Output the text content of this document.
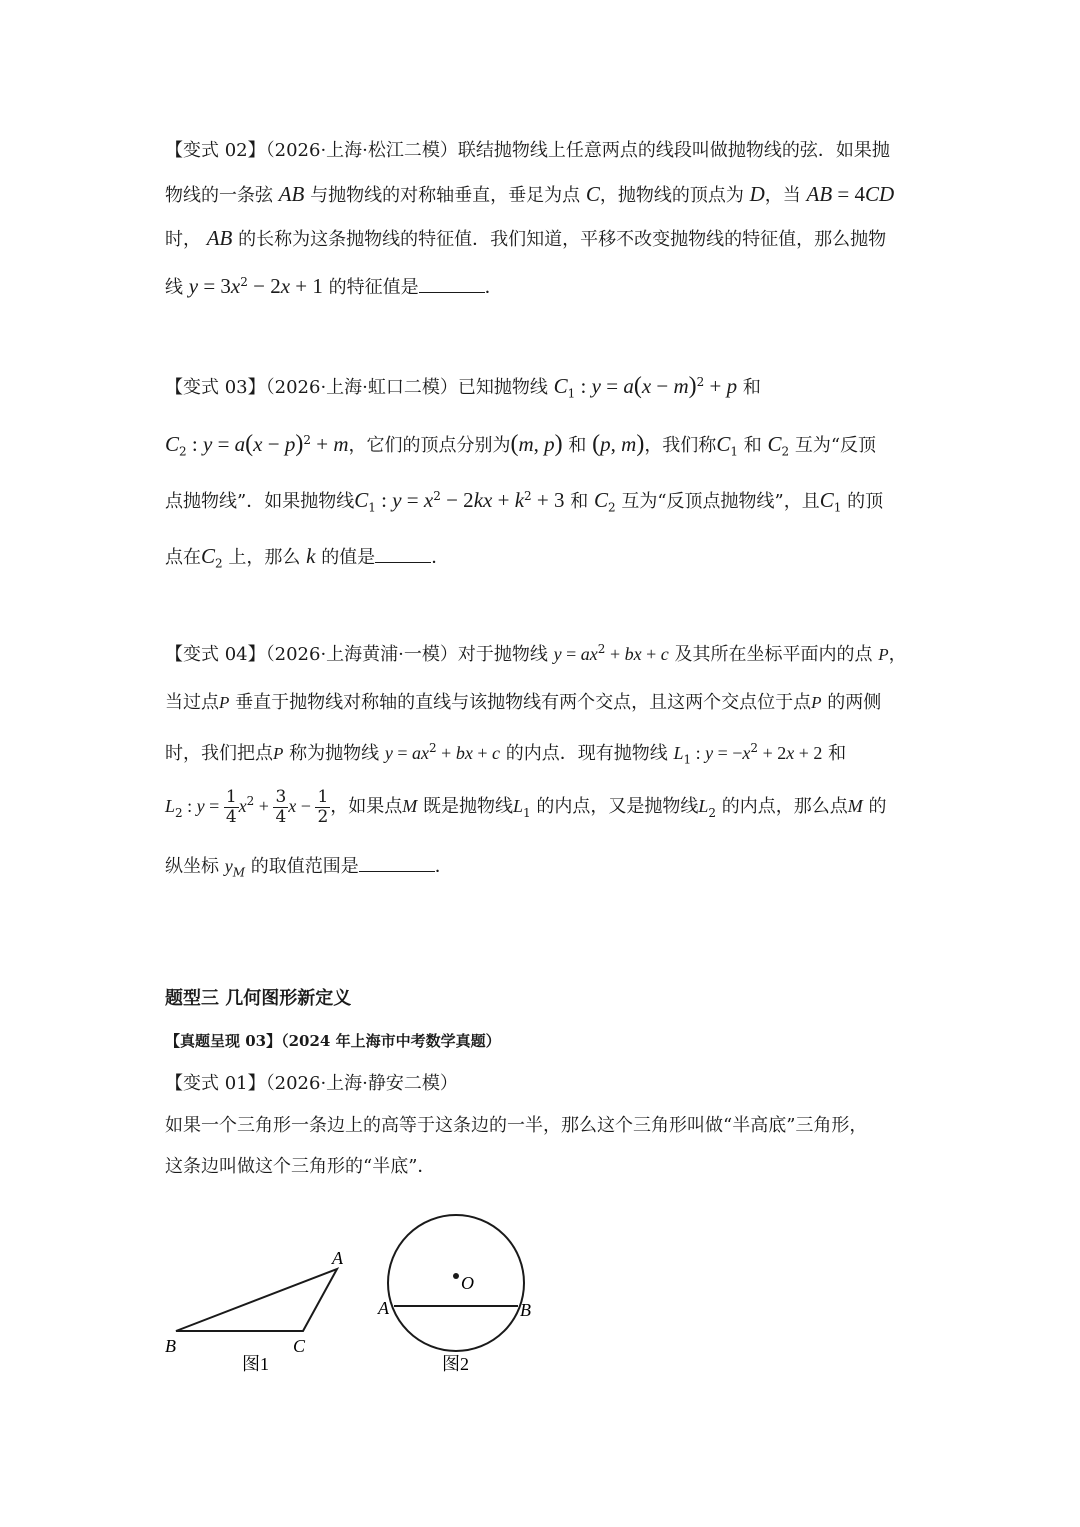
【变式 02】（2026·上海·松江二模）联结抛物线上任意两点的线段叫做抛物线的弦．如果抛
物线的一条弦 AB 与抛物线的对称轴垂直，垂足为点 C，抛物线的顶点为 D，当 AB = 4CD
时， AB 的长称为这条抛物线的特征值．我们知道，平移不改变抛物线的特征值，那么抛物
线 $y = 3x^2 - 2x + 1$ 的特征值是	．
【变式 03】（2026·上海·虹口二模）已知抛物线 $C_1$ : $y = a(x - m)^2 + p$ 和
$C_2$ : $y = a(x - p)^2 + m$，它们的顶点分别为(m, p) 和 (p, m)，我们称$C_1$ 和 $C_2$ 互为“反顶
点抛物线”．如果抛物线$C_1$ : $y = x^2 - 2kx + k^2 + 3$ 和 $C_2$ 互为“反顶点抛物线”，且$C_1$ 的顶
点在$C_2$ 上，那么 k 的值是	．
【变式 04】（2026·上海黄浦·一模）对于抛物线 $y = ax^2$ + bx + c 及其所在坐标平面内的点 P，
当过点P 垂直于抛物线对称轴的直线与该抛物线有两个交点，且这两个交点位于点P 的两侧
时，我们把点P 称为抛物线 $y = ax^2$ + bx + c 的内点．现有抛物线 $L_1$ : $y = -x^2 + 2x + 2$ 和
$L_2$ : $y = \frac{1}{4} x^2 + \frac{3}{4}$ $x - \frac{1}{2}$ ，如果点M 既是抛物线$L_1$ 的内点，又是抛物线$L_2$ 的内点，那么点M 的
纵坐标 $y_M$ 的取值范围是	．
题型三 几何图形新定义
【真题呈现 03】（2024 年上海市中考数学真题）
【变式 01】（2026·上海·静安二模）
如果一个三角形一条边上的高等于这条边的一半，那么这个三角形叫做“半高底”三角形，
这条边叫做这个三角形的“半底”．
A
B	C
图1
O
A	B
图2
